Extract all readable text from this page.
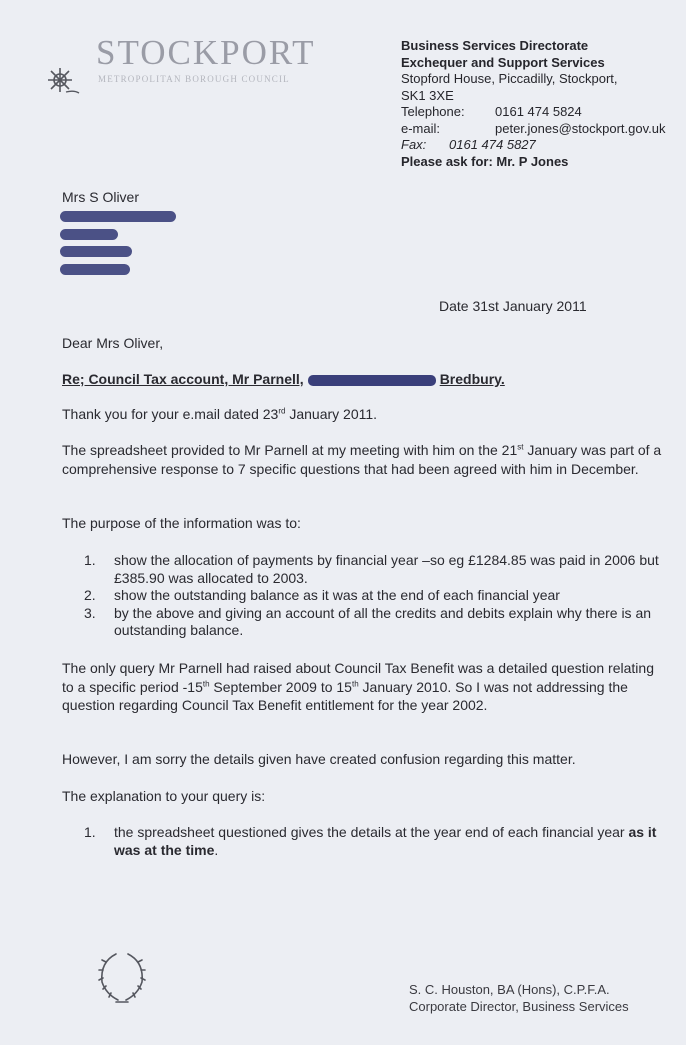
STOCKPORT
METROPOLITAN BOROUGH COUNCIL
Business Services Directorate
Exchequer and Support Services
Stopford House, Piccadilly, Stockport,
SK1 3XE
Telephone:	0161 474 5824
e-mail:	peter.jones@stockport.gov.uk
Fax:	0161 474 5827
Please ask for: Mr. P Jones
Mrs S Oliver
Date 31st January 2011
Dear Mrs Oliver,
Re; Council Tax account, Mr Parnell,	Bredbury.
Thank you for your e.mail dated 23rd January 2011.
The spreadsheet provided to Mr Parnell at my meeting with him on the 21st January was part of a comprehensive response to 7 specific questions that had been agreed with him in December.
The purpose of the information was to:
1.	show the allocation of payments by financial year –so eg £1284.85 was paid in 2006 but £385.90 was allocated to 2003.
2.	show the outstanding balance as it was at the end of each financial year
3.	by the above and giving an account of all the credits and debits explain why there is an outstanding balance.
The only query Mr Parnell had raised about Council Tax Benefit was a detailed question relating to a specific period -15th September 2009 to 15th January 2010. So I was not addressing the question regarding Council Tax Benefit entitlement for the year 2002.
However, I am sorry the details given have created confusion regarding this matter.
The explanation to your query is:
1.	the spreadsheet questioned gives the details at the year end of each financial year as it was at the time.
S. C. Houston, BA (Hons), C.P.F.A.
Corporate Director, Business Services
